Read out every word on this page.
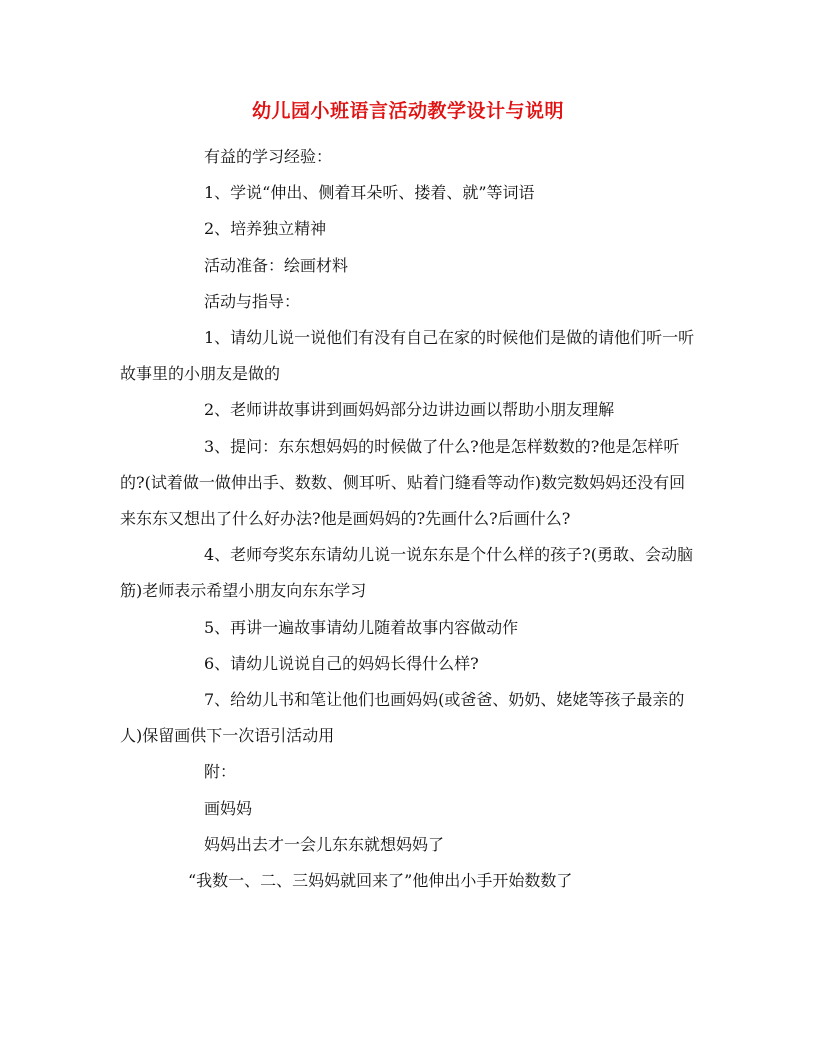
幼儿园小班语言活动教学设计与说明

有益的学习经验：

1、学说“伸出、侧着耳朵听、搂着、就”等词语

2、培养独立精神

活动准备：绘画材料

活动与指导：

1、请幼儿说一说他们有没有自己在家的时候他们是做的请他们听一听故事里的小朋友是做的

2、老师讲故事讲到画妈妈部分边讲边画以帮助小朋友理解

3、提问：东东想妈妈的时候做了什么?他是怎样数数的?他是怎样听的?(试着做一做伸出手、数数、侧耳听、贴着门缝看等动作)数完数妈妈还没有回来东东又想出了什么好办法?他是画妈妈的?先画什么?后画什么?

4、老师夸奖东东请幼儿说一说东东是个什么样的孩子?(勇敢、会动脑筋)老师表示希望小朋友向东东学习

5、再讲一遍故事请幼儿随着故事内容做动作

6、请幼儿说说自己的妈妈长得什么样?

7、给幼儿书和笔让他们也画妈妈(或爸爸、奶奶、姥姥等孩子最亲的人)保留画供下一次语引活动用

附：

画妈妈

妈妈出去才一会儿东东就想妈妈了

“我数一、二、三妈妈就回来了”他伸出小手开始数数了
